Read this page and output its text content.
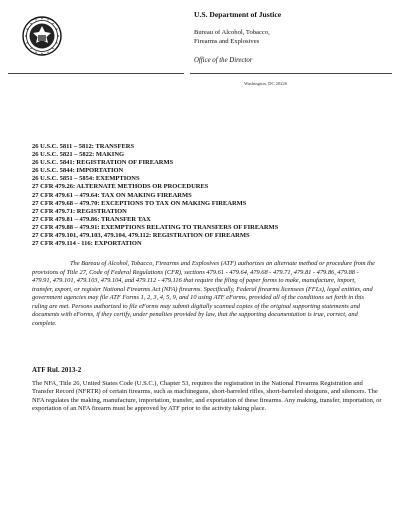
U.S. Department of Justice

Bureau of Alcohol, Tobacco,

Firearms and Explosives

Office of the Director

Washington, DC 20226
26 U.S.C. 5811 – 5812: TRANSFERS
26 U.S.C. 5821 – 5822: MAKING
26 U.S.C. 5841: REGISTRATION OF FIREARMS
26 U.S.C. 5844: IMPORTATION
26 U.S.C. 5851 – 5854: EXEMPTIONS
27 CFR 479.26: ALTERNATE METHODS OR PROCEDURES
27 CFR 479.61 – 479.64: TAX ON MAKING FIREARMS
27 CFR 479.68 – 479.70: EXCEPTIONS TO TAX ON MAKING FIREARMS
27 CFR 479.71: REGISTRATION
27 CFR 479.81 – 479.86: TRANSFER TAX
27 CFR 479.88 – 479.91: EXEMPTIONS RELATING TO TRANSFERS OF FIREARMS
27 CFR 479.101, 479.103, 479.104, 479.112: REGISTRATION OF FIREARMS
27 CFR 479.114 - 116: EXPORTATION

The Bureau of Alcohol, Tobacco, Firearms and Explosives (ATF) authorizes an alternate method or procedure from the provisions of Title 27, Code of Federal Regulations (CFR), sections 479.61 - 479.64, 479.68 - 479.71, 479.81 - 479.86, 479.88 - 479.91, 479.101, 479.103, 479.104, and 479.112 - 479.116 that require the filing of paper forms to make, manufacture, import, transfer, export, or register National Firearms Act (NFA) firearms. Specifically, Federal firearms licensees (FFLs), legal entities, and government agencies may file ATF Forms 1, 2, 3, 4, 5, 9, and 10 using ATF eForms, provided all of the conditions set forth in this ruling are met. Persons authorized to file eForms may submit digitally scanned copies of the original supporting statements and documents with eForms, if they certify, under penalties provided by law, that the supporting documentation is true, correct, and complete.

ATF Rul. 2013-2

The NFA, Title 26, United States Code (U.S.C.), Chapter 53, requires the registration in the National Firearms Registration and Transfer Record (NFRTR) of certain firearms, such as machineguns, short-barreled rifles, short-barreled shotguns, and silencers. The NFA regulates the making, manufacture, importation, transfer, and exportation of these firearms. Any making, transfer, importation, or exportation of an NFA firearm must be approved by ATF prior to the activity taking place.
